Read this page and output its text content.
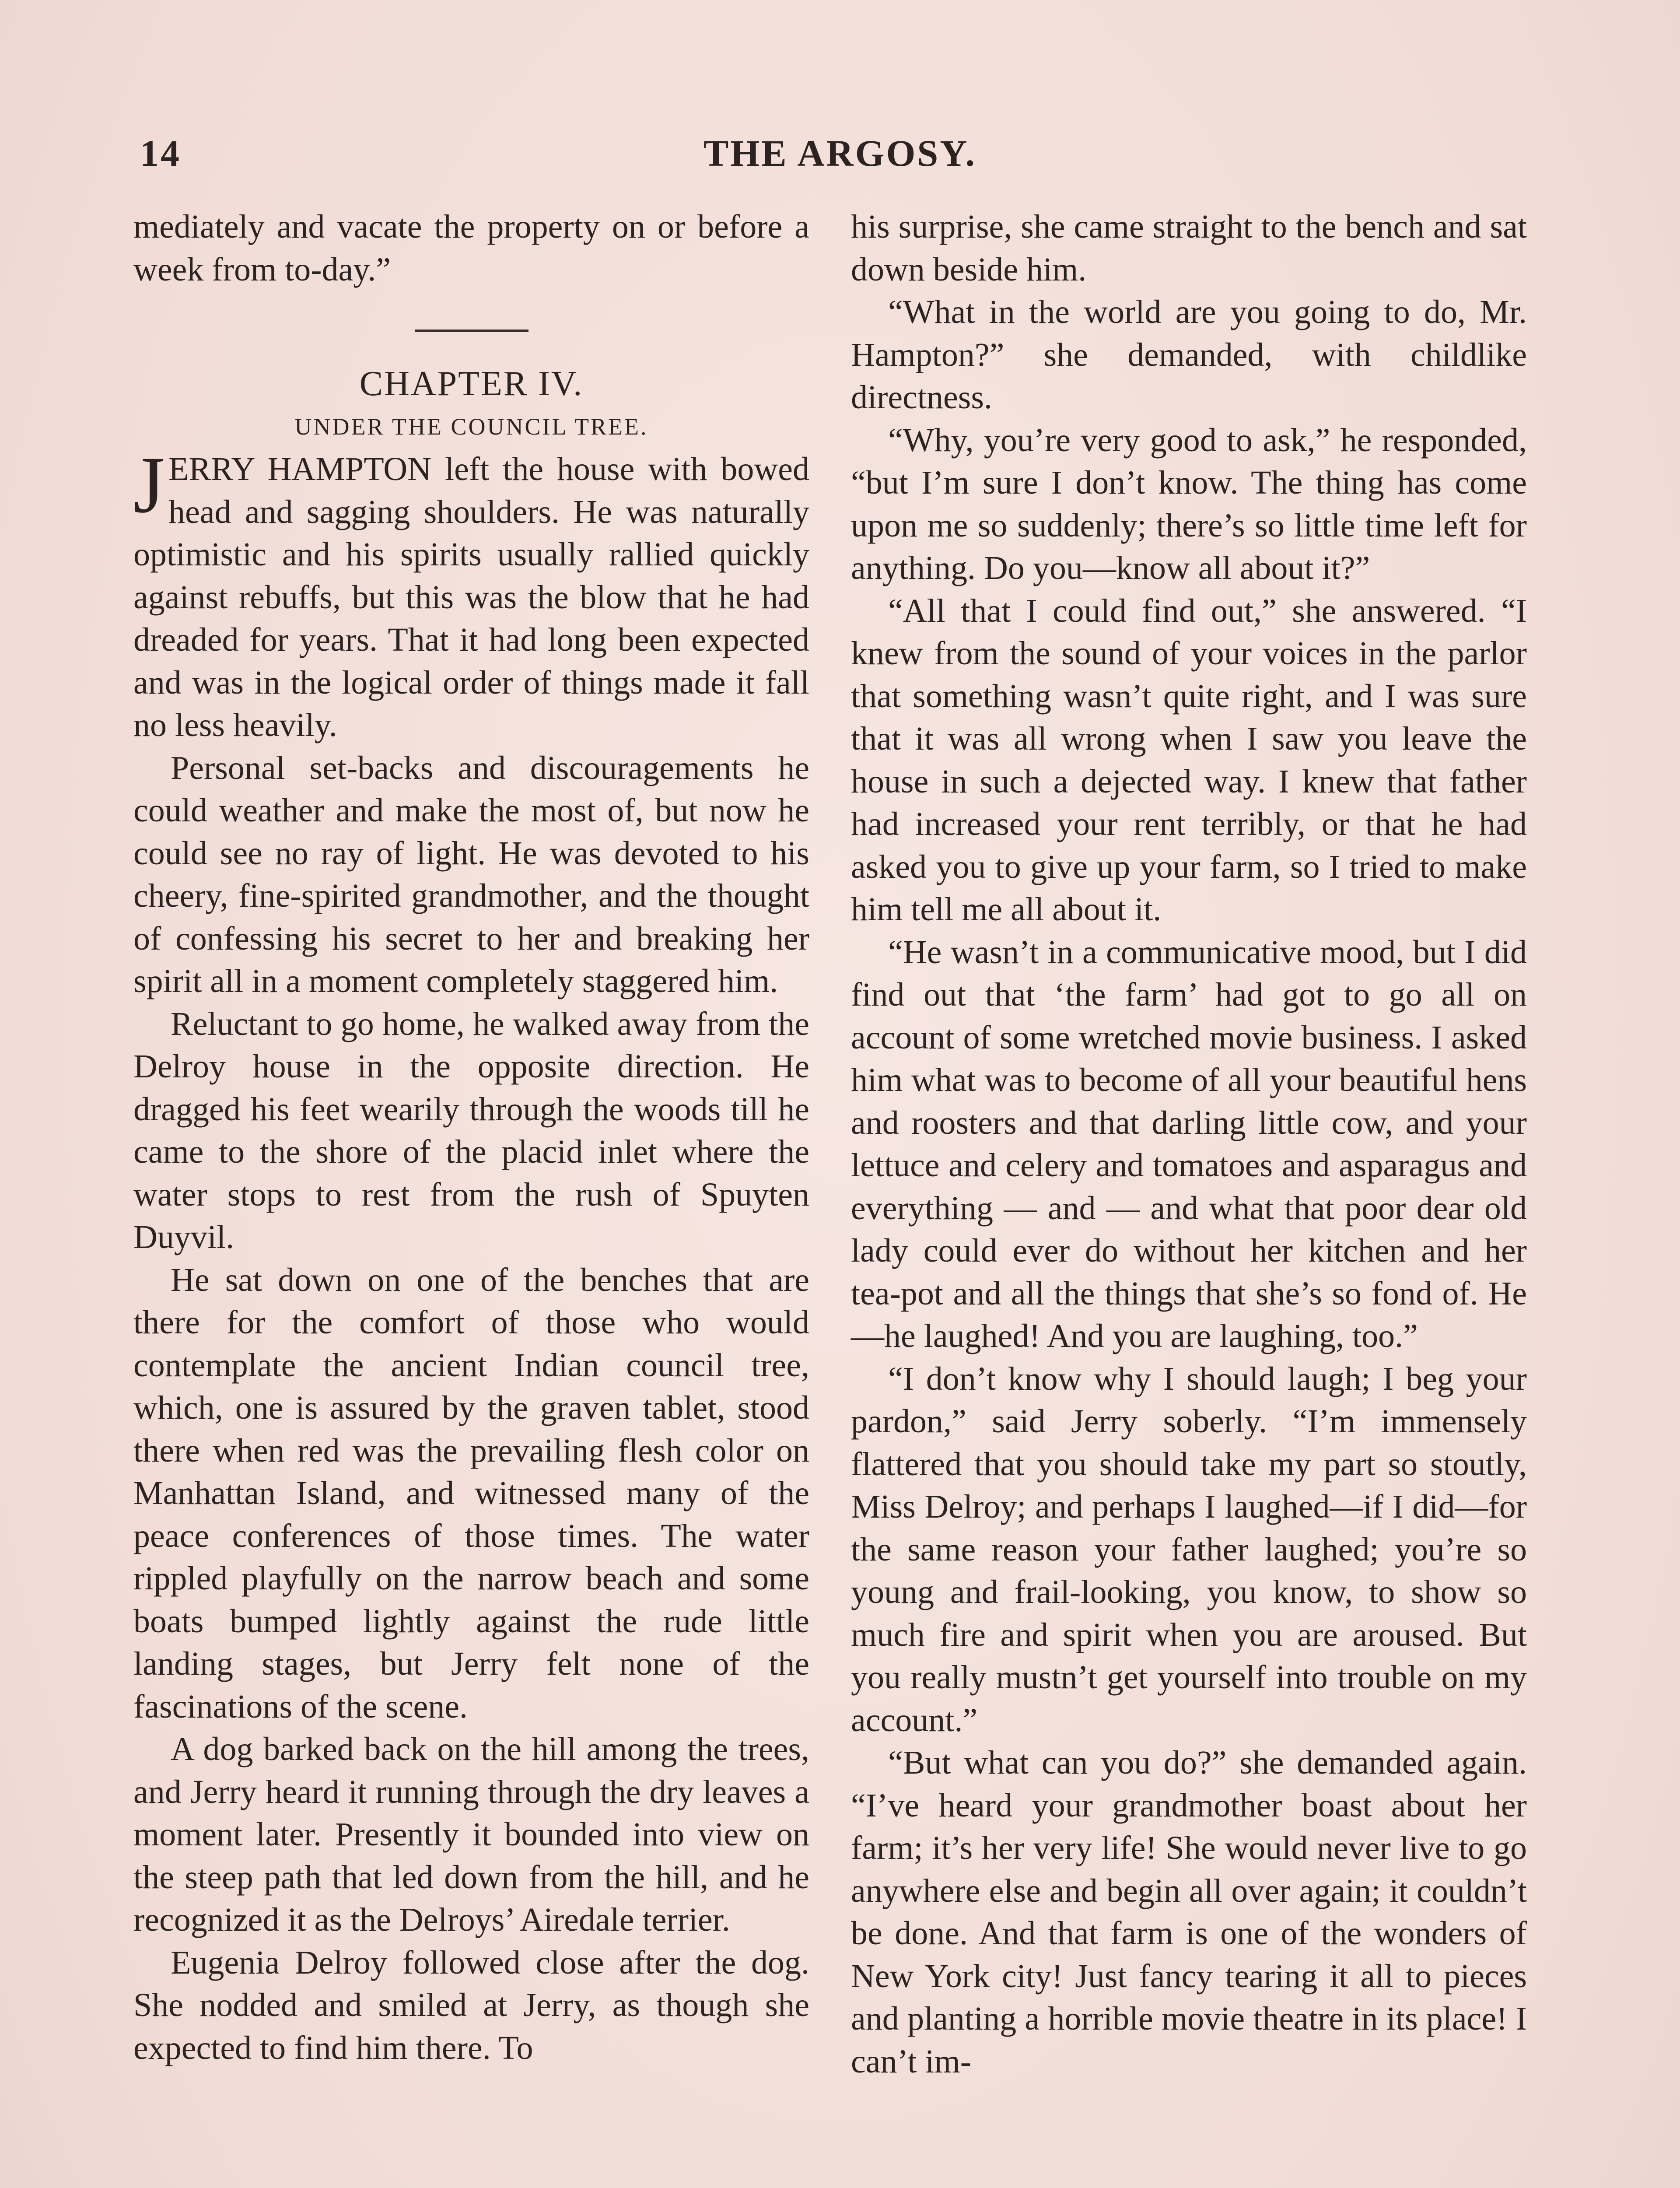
14	THE ARGOSY.

mediately and vacate the property on or before a week from to-day.”

CHAPTER IV.

UNDER THE COUNCIL TREE.

JERRY HAMPTON left the house with bowed head and sagging shoulders. He was naturally optimistic and his spirits usually rallied quickly against rebuffs, but this was the blow that he had dreaded for years. That it had long been expected and was in the logical order of things made it fall no less heavily.

Personal set-backs and discouragements he could weather and make the most of, but now he could see no ray of light. He was devoted to his cheery, fine-spirited grandmother, and the thought of confessing his secret to her and breaking her spirit all in a moment completely staggered him.

Reluctant to go home, he walked away from the Delroy house in the opposite direction. He dragged his feet wearily through the woods till he came to the shore of the placid inlet where the water stops to rest from the rush of Spuyten Duyvil.

He sat down on one of the benches that are there for the comfort of those who would contemplate the ancient Indian council tree, which, one is assured by the graven tablet, stood there when red was the prevailing flesh color on Manhattan Island, and witnessed many of the peace conferences of those times. The water rippled playfully on the narrow beach and some boats bumped lightly against the rude little landing stages, but Jerry felt none of the fascinations of the scene.

A dog barked back on the hill among the trees, and Jerry heard it running through the dry leaves a moment later. Presently it bounded into view on the steep path that led down from the hill, and he recognized it as the Delroys’ Airedale terrier.

Eugenia Delroy followed close after the dog. She nodded and smiled at Jerry, as though she expected to find him there. To

his surprise, she came straight to the bench and sat down beside him.

“What in the world are you going to do, Mr. Hampton?” she demanded, with childlike directness.

“Why, you’re very good to ask,” he responded, “but I’m sure I don’t know. The thing has come upon me so suddenly; there’s so little time left for anything. Do you—know all about it?”

“All that I could find out,” she answered. “I knew from the sound of your voices in the parlor that something wasn’t quite right, and I was sure that it was all wrong when I saw you leave the house in such a dejected way. I knew that father had increased your rent terribly, or that he had asked you to give up your farm, so I tried to make him tell me all about it.

“He wasn’t in a communicative mood, but I did find out that ‘the farm’ had got to go all on account of some wretched movie business. I asked him what was to become of all your beautiful hens and roosters and that darling little cow, and your lettuce and celery and tomatoes and asparagus and everything — and — and what that poor dear old lady could ever do without her kitchen and her tea-pot and all the things that she’s so fond of. He—he laughed! And you are laughing, too.”

“I don’t know why I should laugh; I beg your pardon,” said Jerry soberly. “I’m immensely flattered that you should take my part so stoutly, Miss Delroy; and perhaps I laughed—if I did—for the same reason your father laughed; you’re so young and frail-looking, you know, to show so much fire and spirit when you are aroused. But you really mustn’t get yourself into trouble on my account.”

“But what can you do?” she demanded again. “I’ve heard your grandmother boast about her farm; it’s her very life! She would never live to go anywhere else and begin all over again; it couldn’t be done. And that farm is one of the wonders of New York city! Just fancy tearing it all to pieces and planting a horrible movie theatre in its place! I can’t im-
